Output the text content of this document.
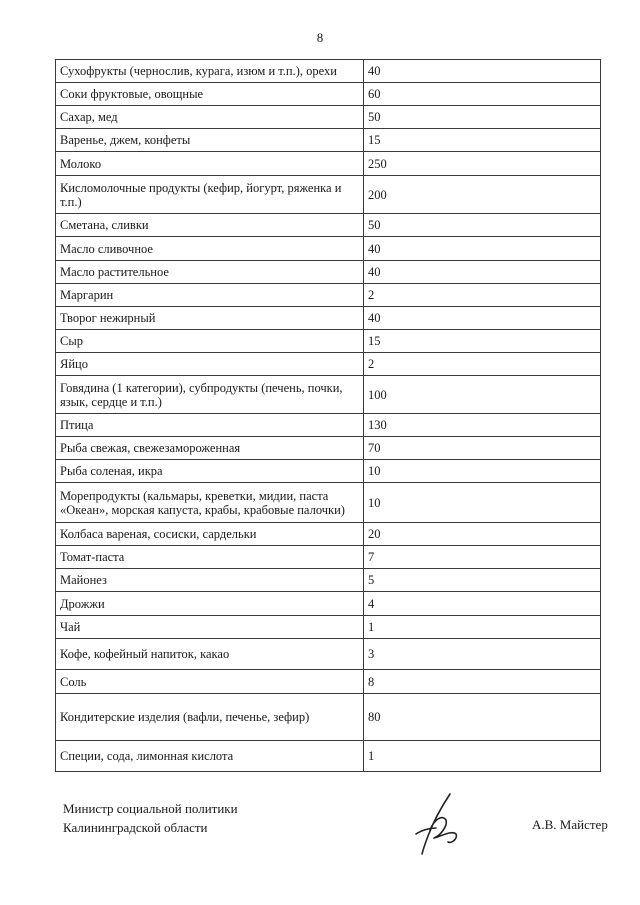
8
Сухофрукты (чернослив, курага, изюм и т.п.), орехи	40
Соки фруктовые, овощные	60
Сахар, мед	50
Варенье, джем, конфеты	15
Молоко	250
Кисломолочные продукты (кефир, йогурт, ряженка и т.п.)	200
Сметана, сливки	50
Масло сливочное	40
Масло растительное	40
Маргарин	2
Творог нежирный	40
Сыр	15
Яйцо	2
Говядина (1 категории), субпродукты (печень, почки, язык, сердце и т.п.)	100
Птица	130
Рыба свежая, свежезамороженная	70
Рыба соленая, икра	10
Морепродукты (кальмары, креветки, мидии, паста «Океан», морская капуста, крабы, крабовые палочки)	10
Колбаса вареная, сосиски, сардельки	20
Томат-паста	7
Майонез	5
Дрожжи	4
Чай	1
Кофе, кофейный напиток, какао	3
Соль	8
Кондитерские изделия (вафли, печенье, зефир)	80
Специи, сода, лимонная кислота	1
Министр социальной политики
Калининградской области	А.В. Майстер
